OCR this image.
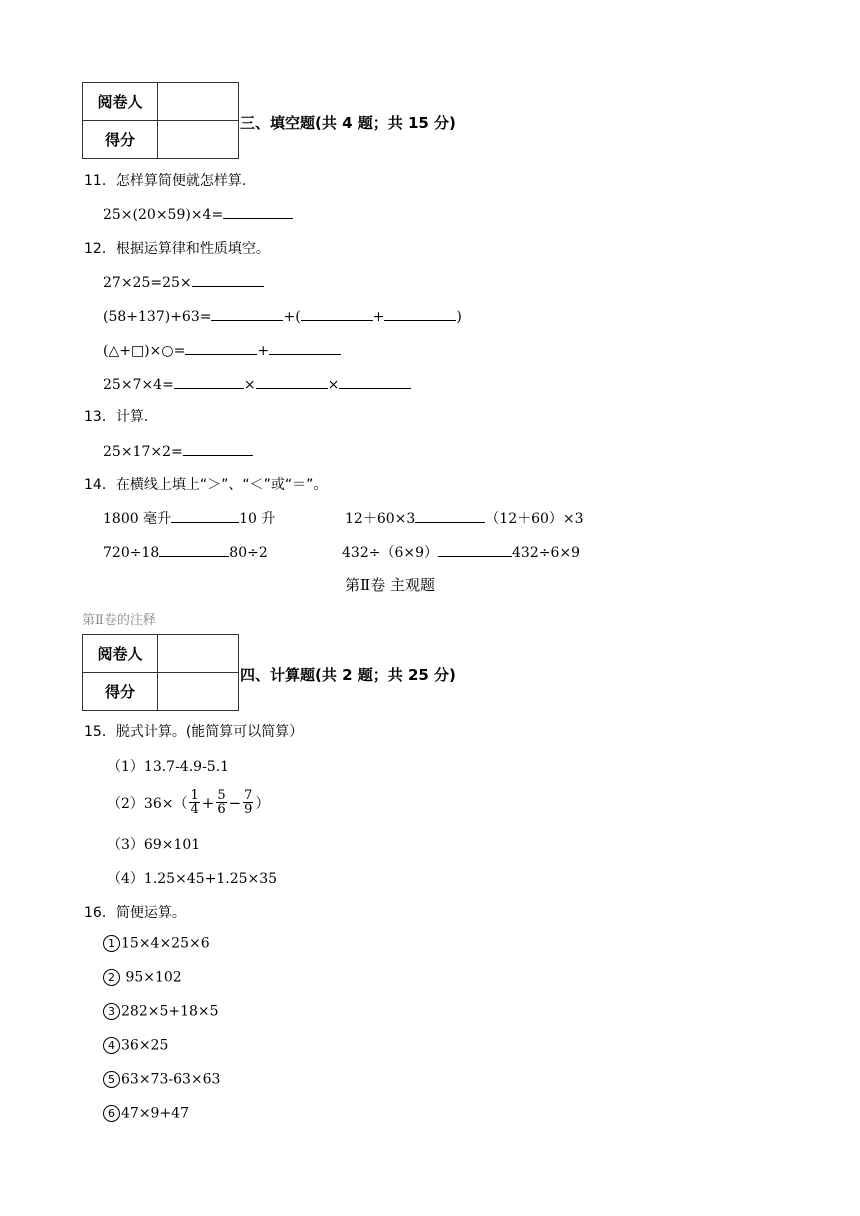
阅卷人	
得分	
三、填空题(共 4 题；共 15 分)
11．怎样算简便就怎样算.
25×(20×59)×4=
12．根据运算律和性质填空。
27×25=25×
(58+137)+63=	+(	+	)
(△+□)×○=	+
25×7×4=	×	×
13．计算.
25×17×2=
14．在横线上填上“＞”、“＜”或“＝”。
1800 毫升	10 升	12＋60×3	（12＋60）×3
720÷18	80÷2	432÷（6×9）	432÷6×9
第Ⅱ卷 主观题
第Ⅱ卷的注释
阅卷人	
得分	
四、计算题(共 2 题；共 25 分)
15．脱式计算。(能简算可以简算）
（1）13.7-4.9-5.1
$(2)36\times( \frac{1}{4} + \frac{5}{6} - \frac{7}{9}$ ）
（3）69×101
（4）1.25×45+1.25×35
16．简便运算。
1 15×4×25×6
2 95×102
3 282×5+18×5
4 36×25
5 63×73-63×63
6 47×9+47
